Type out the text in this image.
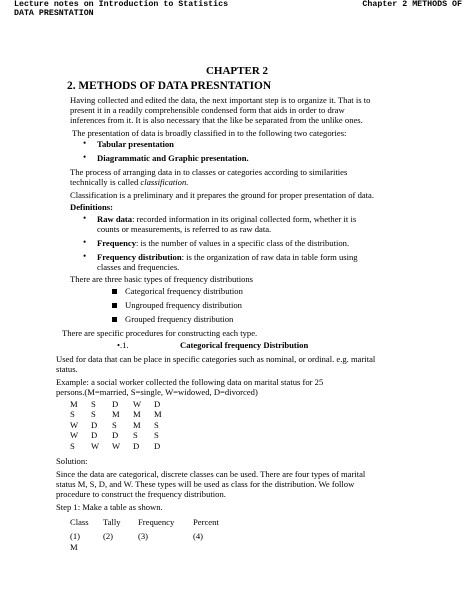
Lecture notes on Introduction to Statistics
DATA PRESNTATION
Chapter 2 METHODS OF
CHAPTER 2
2. METHODS OF DATA PRESNTATION
Having collected and edited the data, the next important step is to organize it. That is to
present it in a readily comprehensible condensed form that aids in order to draw
inferences from it. It is also necessary that the like be separated from the unlike ones.
The presentation of data is broadly classified in to the following two categories:
• Tabular presentation
• Diagrammatic and Graphic presentation.
The process of arranging data in to classes or categories according to similarities
technically is called classification.
Classification is a preliminary and it prepares the ground for proper presentation of data.
Definitions:
• Raw data: recorded information in its original collected form, whether it is
counts or measurements, is referred to as raw data.
• Frequency: is the number of values in a specific class of the distribution.
• Frequency distribution: is the organization of raw data in table form using
classes and frequencies.
There are three basic types of frequency distributions
Categorical frequency distribution
Ungrouped frequency distribution
Grouped frequency distribution
There are specific procedures for constructing each type.
•.1.	Categorical frequency Distribution
Used for data that can be place in specific categories such as nominal, or ordinal. e.g. marital
status.
Example: a social worker collected the following data on marital status for 25
persons.(M=married, S=single, W=widowed, D=divorced)
M	S	D	W	D
S	S	M	M	M
W	D	S	M	S
W	D	D	S	S
S	W	W	D	D
Solution:
Since the data are categorical, discrete classes can be used. There are four types of marital
status M, S, D, and W. These types will be used as class for the distribution. We follow
procedure to construct the frequency distribution.
Step 1: Make a table as shown.
Class Tally Frequency Percent
(1)	(2)	(3)	(4)
M
